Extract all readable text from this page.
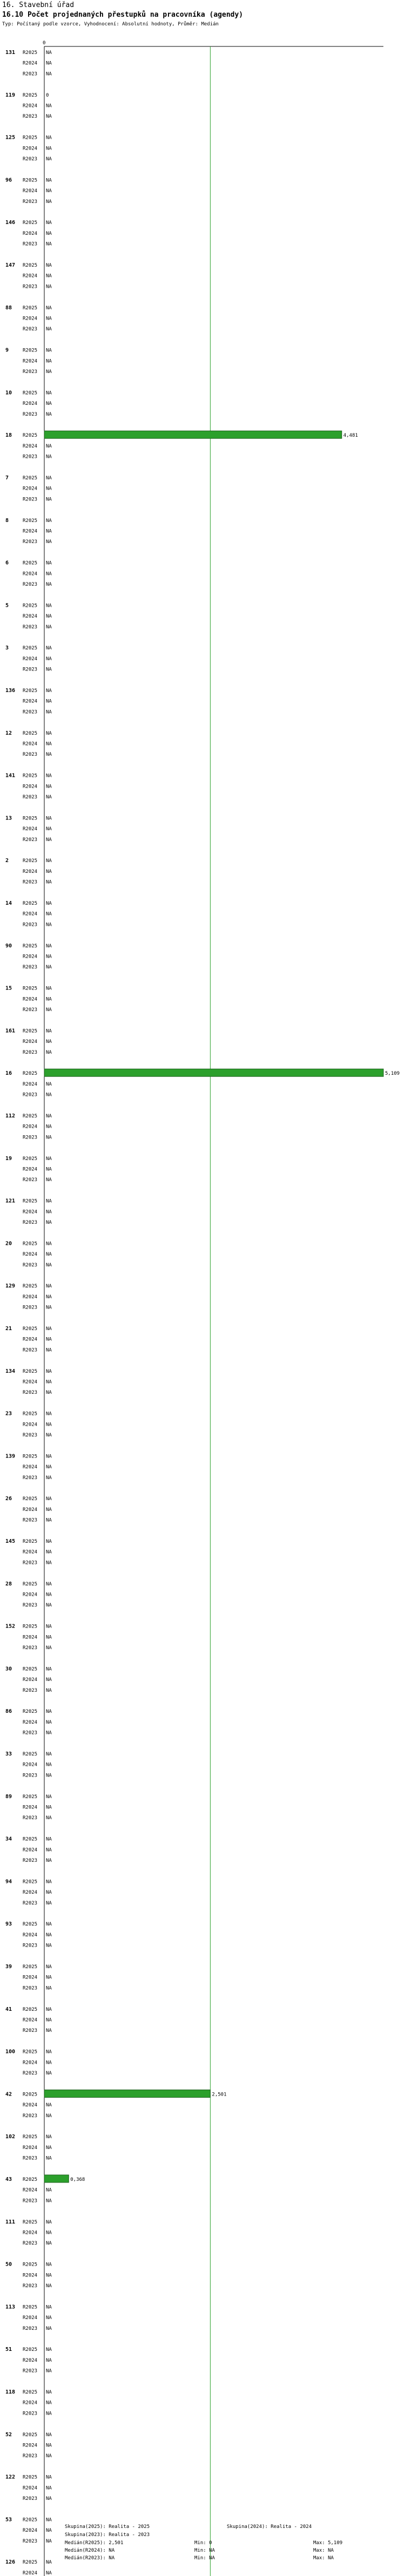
16. Stavební úřad
16.10 Počet projednaných přestupků na pracovníka (agendy)
Typ: Počítaný podle vzorce, Vyhodnocení: Absolutní hodnoty, Průměr: Medián
0
131 R2025 NA
R2024 NA
R2023 NA
119 R2025 0
R2024 NA
R2023 NA
125 R2025 NA
R2024 NA
R2023 NA
96 R2025 NA
R2024 NA
R2023 NA
146 R2025 NA
R2024 NA
R2023 NA
147 R2025 NA
R2024 NA
R2023 NA
88 R2025 NA
R2024 NA
R2023 NA
9	R2025 NA
R2024 NA
R2023 NA
10 R2025 NA
R2024 NA
R2023 NA
18 R2025	4,481
R2024 NA
R2023 NA
7	R2025 NA
R2024 NA
R2023 NA
8	R2025 NA
R2024 NA
R2023 NA
6	R2025 NA
R2024 NA
R2023 NA
5	R2025 NA
R2024 NA
R2023 NA
3	R2025 NA
R2024 NA
R2023 NA
136 R2025 NA
R2024 NA
R2023 NA
12 R2025 NA
R2024 NA
R2023 NA
141 R2025 NA
R2024 NA
R2023 NA
13 R2025 NA
R2024 NA
R2023 NA
2	R2025 NA
R2024 NA
R2023 NA
14 R2025 NA
R2024 NA
R2023 NA
90 R2025 NA
R2024 NA
R2023 NA
15 R2025 NA
R2024 NA
R2023 NA
161 R2025 NA
R2024 NA
R2023 NA
16 R2025	5,109
R2024 NA
R2023 NA
112 R2025 NA
R2024 NA
R2023 NA
19 R2025 NA
R2024 NA
R2023 NA
121 R2025 NA
R2024 NA
R2023 NA
20 R2025 NA
R2024 NA
R2023 NA
129 R2025 NA
R2024 NA
R2023 NA
21 R2025 NA
R2024 NA
R2023 NA
134 R2025 NA
R2024 NA
R2023 NA
23 R2025 NA
R2024 NA
R2023 NA
139 R2025 NA
R2024 NA
R2023 NA
26 R2025 NA
R2024 NA
R2023 NA
145 R2025 NA
R2024 NA
R2023 NA
28 R2025 NA
R2024 NA
R2023 NA
152 R2025 NA
R2024 NA
R2023 NA
30 R2025 NA
R2024 NA
R2023 NA
86 R2025 NA
R2024 NA
R2023 NA
33 R2025 NA
R2024 NA
R2023 NA
89 R2025 NA
R2024 NA
R2023 NA
34 R2025 NA
R2024 NA
R2023 NA
94 R2025 NA
R2024 NA
R2023 NA
93 R2025 NA
R2024 NA
R2023 NA
39 R2025 NA
R2024 NA
R2023 NA
41 R2025 NA
R2024 NA
R2023 NA
100 R2025 NA
R2024 NA
R2023 NA
42 R2025	2,501
R2024 NA
R2023 NA
102 R2025 NA
R2024 NA
R2023 NA
43 R2025	0,368
R2024 NA
R2023 NA
111 R2025 NA
R2024 NA
R2023 NA
50 R2025 NA
R2024 NA
R2023 NA
113 R2025 NA
R2024 NA
R2023 NA
51 R2025 NA
R2024 NA
R2023 NA
118 R2025 NA
R2024 NA
R2023 NA
52 R2025 NA
R2024 NA
R2023 NA
122 R2025 NA
R2024 NA
R2023 NA
53 R2025 NA
R2024 NA
R2023 NA
126 R2025 NA
R2024 NA
Skupina(2025): Realita - 2025	Skupina(2024): Realita - 2024
Skupina(2023): Realita - 2023
Medián(R2025): 2,501	Min: 0	Max: 5,109
Medián(R2024): NA	Min: NA	Max: NA
Medián(R2023): NA	Min: NA	Max: NA
